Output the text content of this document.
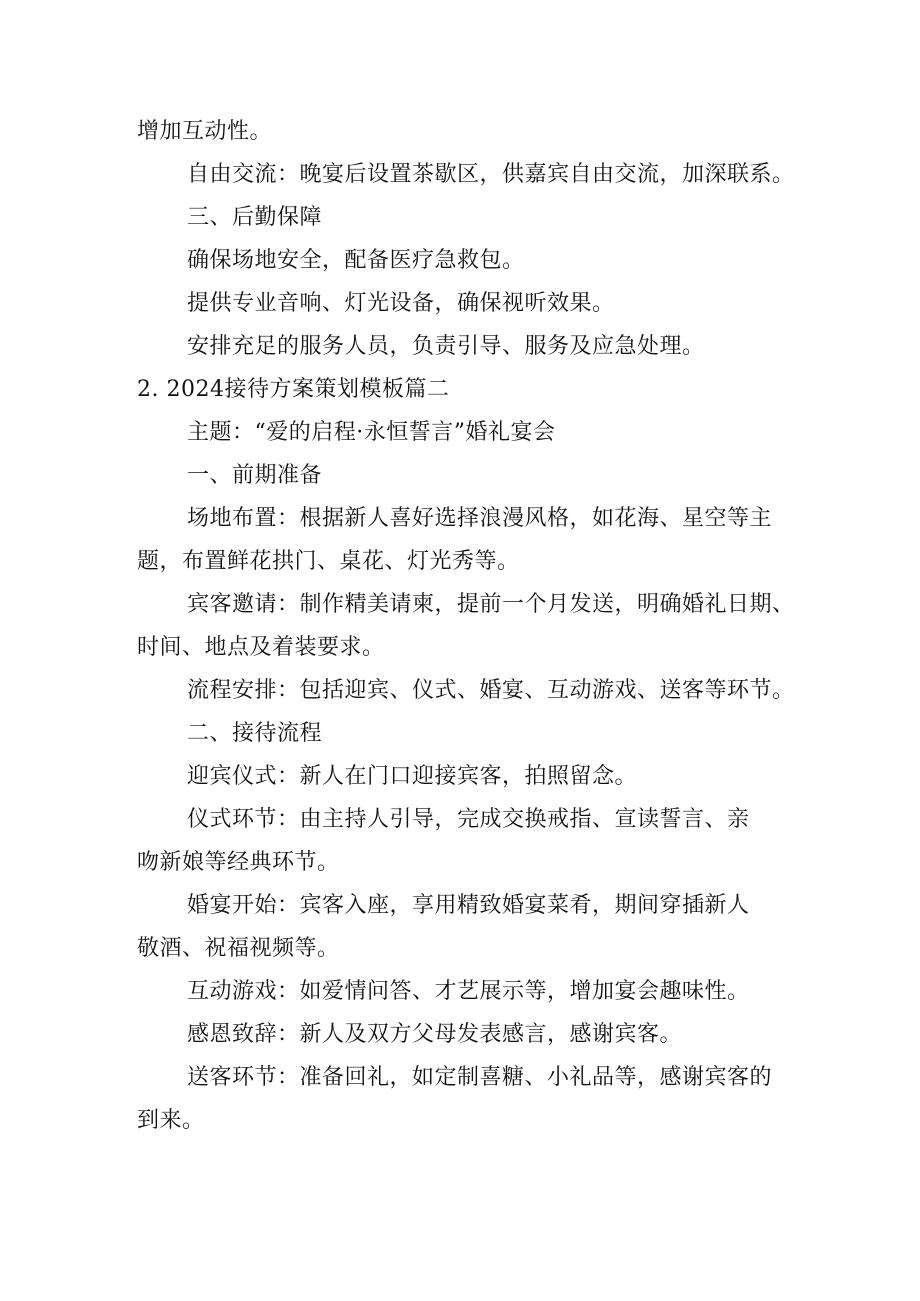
增加互动性。
自由交流：晚宴后设置茶歇区，供嘉宾自由交流，加深联系。
三、后勤保障
确保场地安全，配备医疗急救包。
提供专业音响、灯光设备，确保视听效果。
安排充足的服务人员，负责引导、服务及应急处理。
2. 2024接待方案策划模板篇二
主题：“爱的启程·永恒誓言”婚礼宴会
一、前期准备
场地布置：根据新人喜好选择浪漫风格，如花海、星空等主
题，布置鲜花拱门、桌花、灯光秀等。
宾客邀请：制作精美请柬，提前一个月发送，明确婚礼日期、
时间、地点及着装要求。
流程安排：包括迎宾、仪式、婚宴、互动游戏、送客等环节。
二、接待流程
迎宾仪式：新人在门口迎接宾客，拍照留念。
仪式环节：由主持人引导，完成交换戒指、宣读誓言、亲
吻新娘等经典环节。
婚宴开始：宾客入座，享用精致婚宴菜肴，期间穿插新人
敬酒、祝福视频等。
互动游戏：如爱情问答、才艺展示等，增加宴会趣味性。
感恩致辞：新人及双方父母发表感言，感谢宾客。
送客环节：准备回礼，如定制喜糖、小礼品等，感谢宾客的
到来。
